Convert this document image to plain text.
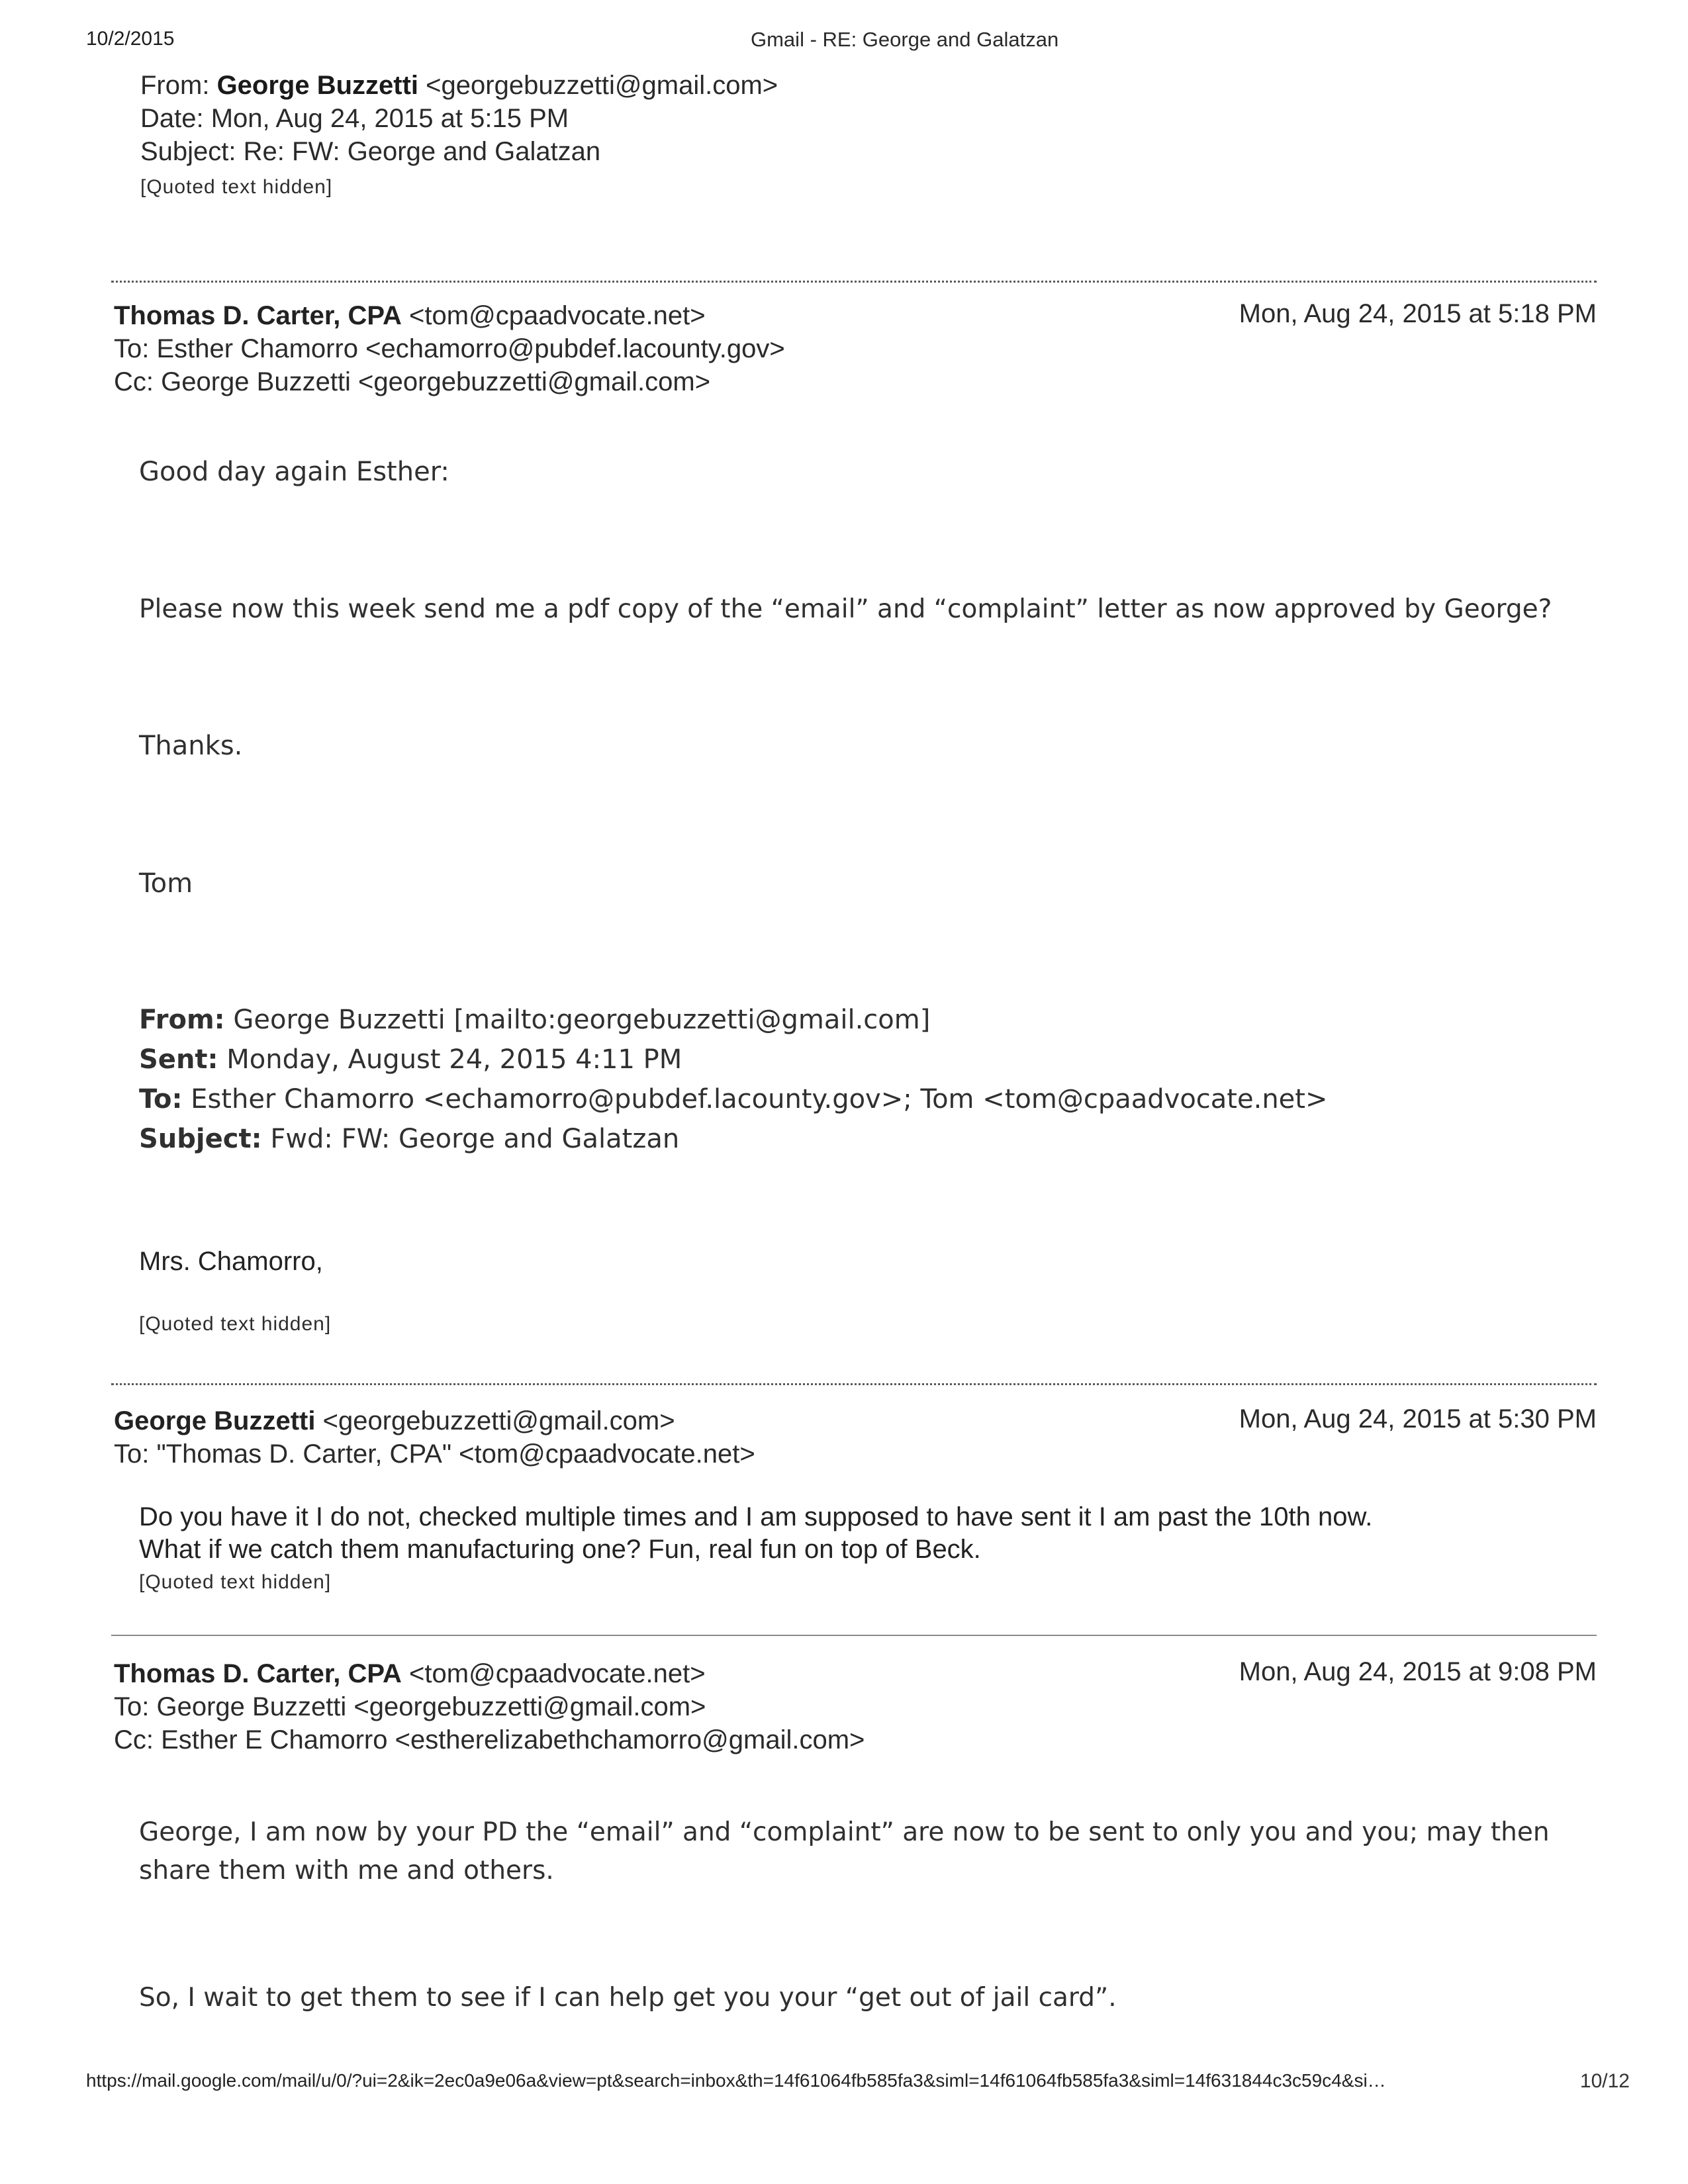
10/2/2015	Gmail - RE: George and Galatzan
From: George Buzzetti <georgebuzzetti@gmail.com>
Date: Mon, Aug 24, 2015 at 5:15 PM
Subject: Re: FW: George and Galatzan
[Quoted text hidden]
Thomas D. Carter, CPA <tom@cpaadvocate.net>	Mon, Aug 24, 2015 at 5:18 PM
To: Esther Chamorro <echamorro@pubdef.lacounty.gov>
Cc: George Buzzetti <georgebuzzetti@gmail.com>
Good day again Esther:
Please now this week send me a pdf copy of the “email” and “complaint” letter as now approved by George?
Thanks.
Tom
From: George Buzzetti [mailto:georgebuzzetti@gmail.com]
Sent: Monday, August 24, 2015 4:11 PM
To: Esther Chamorro <echamorro@pubdef.lacounty.gov>; Tom <tom@cpaadvocate.net>
Subject: Fwd: FW: George and Galatzan
Mrs. Chamorro,
[Quoted text hidden]
George Buzzetti <georgebuzzetti@gmail.com>	Mon, Aug 24, 2015 at 5:30 PM
To: "Thomas D. Carter, CPA" <tom@cpaadvocate.net>
Do you have it I do not, checked multiple times and I am supposed to have sent it I am past the 10th now.
What if we catch them manufacturing one? Fun, real fun on top of Beck.
[Quoted text hidden]
Thomas D. Carter, CPA <tom@cpaadvocate.net>	Mon, Aug 24, 2015 at 9:08 PM
To: George Buzzetti <georgebuzzetti@gmail.com>
Cc: Esther E Chamorro <estherelizabethchamorro@gmail.com>
George, I am now by your PD the “email” and “complaint” are now to be sent to only you and you; may then
share them with me and others.
So, I wait to get them to see if I can help get you your “get out of jail card”.
https://mail.google.com/mail/u/0/?ui=2&ik=2ec0a9e06a&view=pt&search=inbox&th=14f61064fb585fa3&siml=14f61064fb585fa3&siml=14f631844c3c59c4&si…	10/12
